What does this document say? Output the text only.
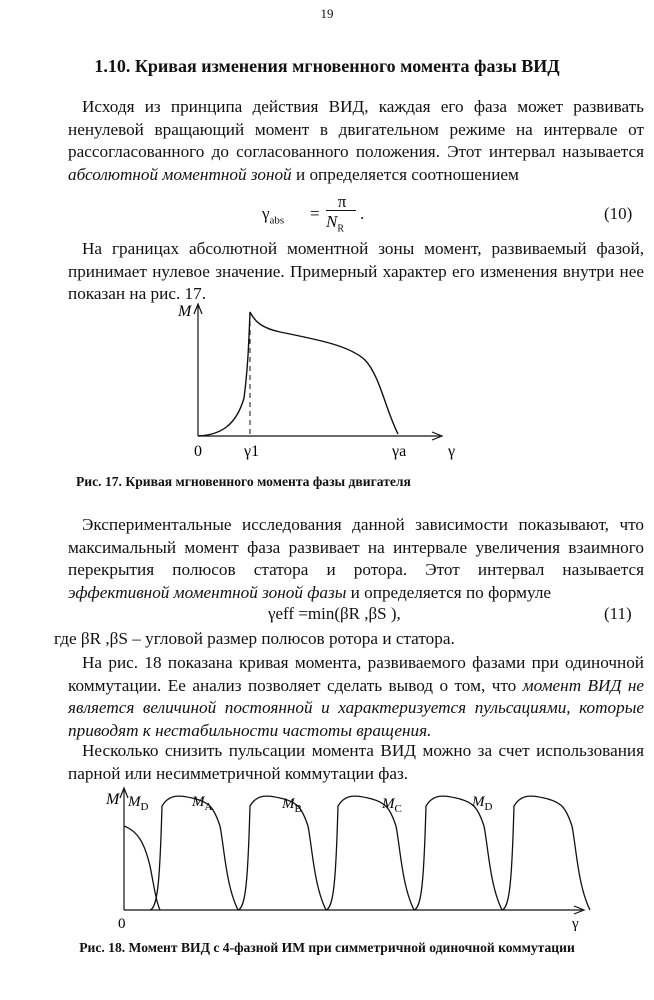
19
1.10. Кривая изменения мгновенного момента фазы ВИД

Исходя из принципа действия ВИД, каждая его фаза может развивать ненулевой вращающий момент в двигательном режиме на интервале от рассогласованного до согласованного положения. Этот интервал называется абсолютной моментной зоной и определяется соотношением

$\gamma_{abs}$ =
π
$N_R$
.	(10)

На границах абсолютной моментной зоны момент, развиваемый фазой, принимает нулевое значение. Примерный характер его изменения внутри нее показан на рис. 17.

M
0	γ1	γa	γ
Рис. 17. Кривая мгновенного момента фазы двигателя

Экспериментальные исследования данной зависимости показывают, что максимальный момент фаза развивает на интервале увеличения взаимного перекрытия полюсов статора и ротора. Этот интервал называется эффективной моментной зоной фазы и определяется по формуле

γeff =min(βR ,βS ),	(11)

где βR ,βS – угловой размер полюсов ротора и статора.

На рис. 18 показана кривая момента, развиваемого фазами при одиночной коммутации. Ее анализ позволяет сделать вывод о том, что момент ВИД не является величиной постоянной и характеризуется пульсациями, которые приводят к нестабильности частоты вращения.

Несколько снизить пульсации момента ВИД можно за счет использования парной или несимметричной коммутации фаз.

M $M_D$	$M_A$	$M_B$	$M_C$	$M_D$
0	γ
Рис. 18. Момент ВИД с 4-фазной ИМ при симметричной одиночной коммутации
